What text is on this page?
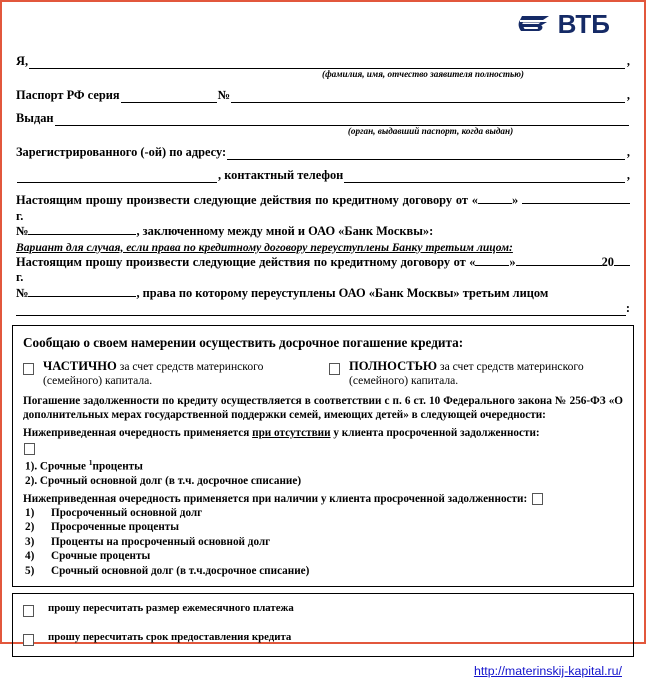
ВТБ
Я,	,
(фамилия, имя, отчество заявителя полностью)
Паспорт РФ серия	№	,
Выдан
(орган, выдавший паспорт, когда выдан)
Зарегистрированного (-ой) по адресу:	,
, контактный телефон	,

Настоящим прошу произвести следующие действия по кредитному договору от «	» г.

№	, заключенному между мной и ОАО «Банк Москвы»:

Вариант для случая, если права по кредитному договору переуступлены Банку третьим лицом:

Настоящим прошу произвести следующие действия по кредитному договору от «	»	20г.

№	, права по которому переуступлены ОАО «Банк Москвы» третьим лицом

:
Сообщаю о своем намерении осуществить досрочное погашение кредита:
ЧАСТИЧНО за счет средств материнского (семейного) капитала.
ПОЛНОСТЬЮ за счет средств материнского (семейного) капитала.

Погашение задолженности по кредиту осуществляется в соответствии с п. 6 ст. 10 Федерального закона № 256-ФЗ «О дополнительных мерах государственной поддержки семей, имеющих детей» в следующей очередности:

Нижеприведенная очередность применяется при отсутствии у клиента просроченной задолженности:

1). Срочные $^1$проценты
2). Срочный основной долг (в т.ч. досрочное списание)
Нижеприведенная очередность применяется при наличии у клиента просроченной задолженности:
1)	Просроченный основной долг
2)	Просроченные проценты
3)	Проценты на просроченный основной долг
4)	Срочные проценты
5)	Срочный основной долг (в т.ч.досрочное списание)
прошу пересчитать размер ежемесячного платежа
прошу пересчитать срок предоставления кредита
http://materinskij-kapital.ru/
